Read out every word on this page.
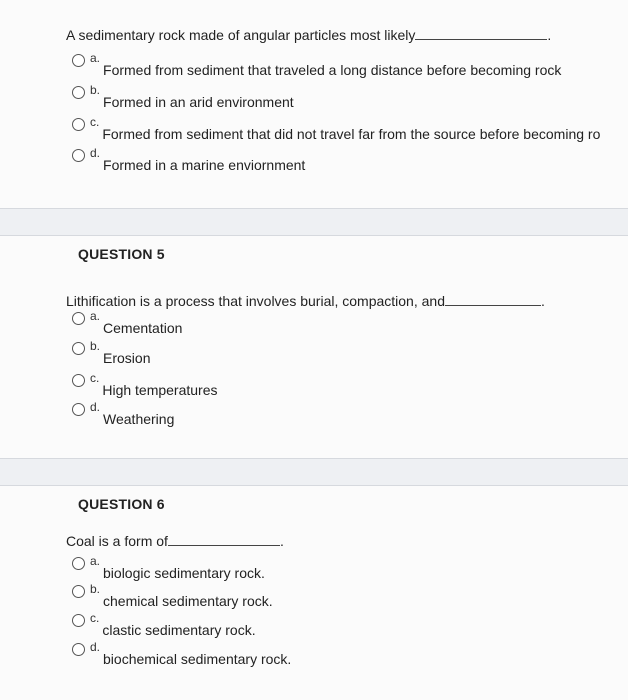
A sedimentary rock made of angular particles most likely	.
a.
Formed from sediment that traveled a long distance before becoming rock
b.
Formed in an arid environment
c.
Formed from sediment that did not travel far from the source before becoming ro
d.
Formed in a marine enviornment
QUESTION 5
Lithification is a process that involves burial, compaction, and	.
a.
Cementation
b.
Erosion
c.
High temperatures
d.
Weathering
QUESTION 6
Coal is a form of	.
a.
biologic sedimentary rock.
b.
chemical sedimentary rock.
c.
clastic sedimentary rock.
d.
biochemical sedimentary rock.
